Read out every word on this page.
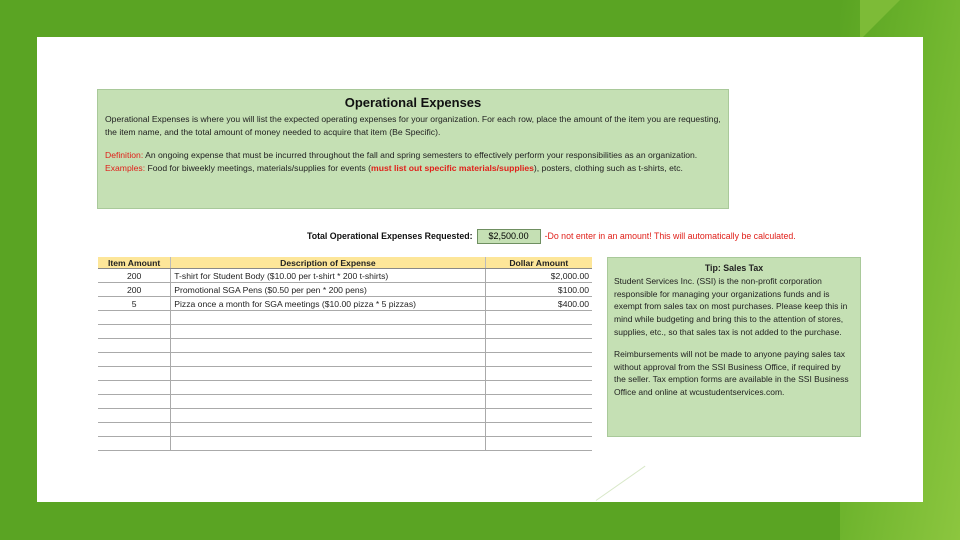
Operational Expenses

Operational Expenses is where you will list the expected operating expenses for your organization. For each row, place the amount of the item you are requesting, the item name, and the total amount of money needed to acquire that item (Be Specific).

Definition: An ongoing expense that must be incurred throughout the fall and spring semesters to effectively perform your responsibilities as an organization.

Examples: Food for biweekly meetings, materials/supplies for events (must list out specific materials/supplies), posters, clothing such as t-shirts, etc.

Total Operational Expenses Requested:	$2,500.00	-Do not enter in an amount! This will automatically be calculated.
Item Amount	Description of Expense	Dollar Amount
200	T-shirt for Student Body ($10.00 per t-shirt * 200 t-shirts)	$2,000.00
200	Promotional SGA Pens ($0.50 per pen * 200 pens)	$100.00
5	Pizza once a month for SGA meetings ($10.00 pizza * 5 pizzas)	$400.00

Tip: Sales Tax

Student Services Inc. (SSI) is the non-profit corporation responsible for managing your organizations funds and is exempt from sales tax on most purchases. Please keep this in mind while budgeting and bring this to the attention of stores, supplies, etc., so that sales tax is not added to the purchase.

Reimbursements will not be made to anyone paying sales tax without approval from the SSI Business Office, if required by the seller. Tax emption forms are available in the SSI Business Office and online at wcustudentservices.com.
